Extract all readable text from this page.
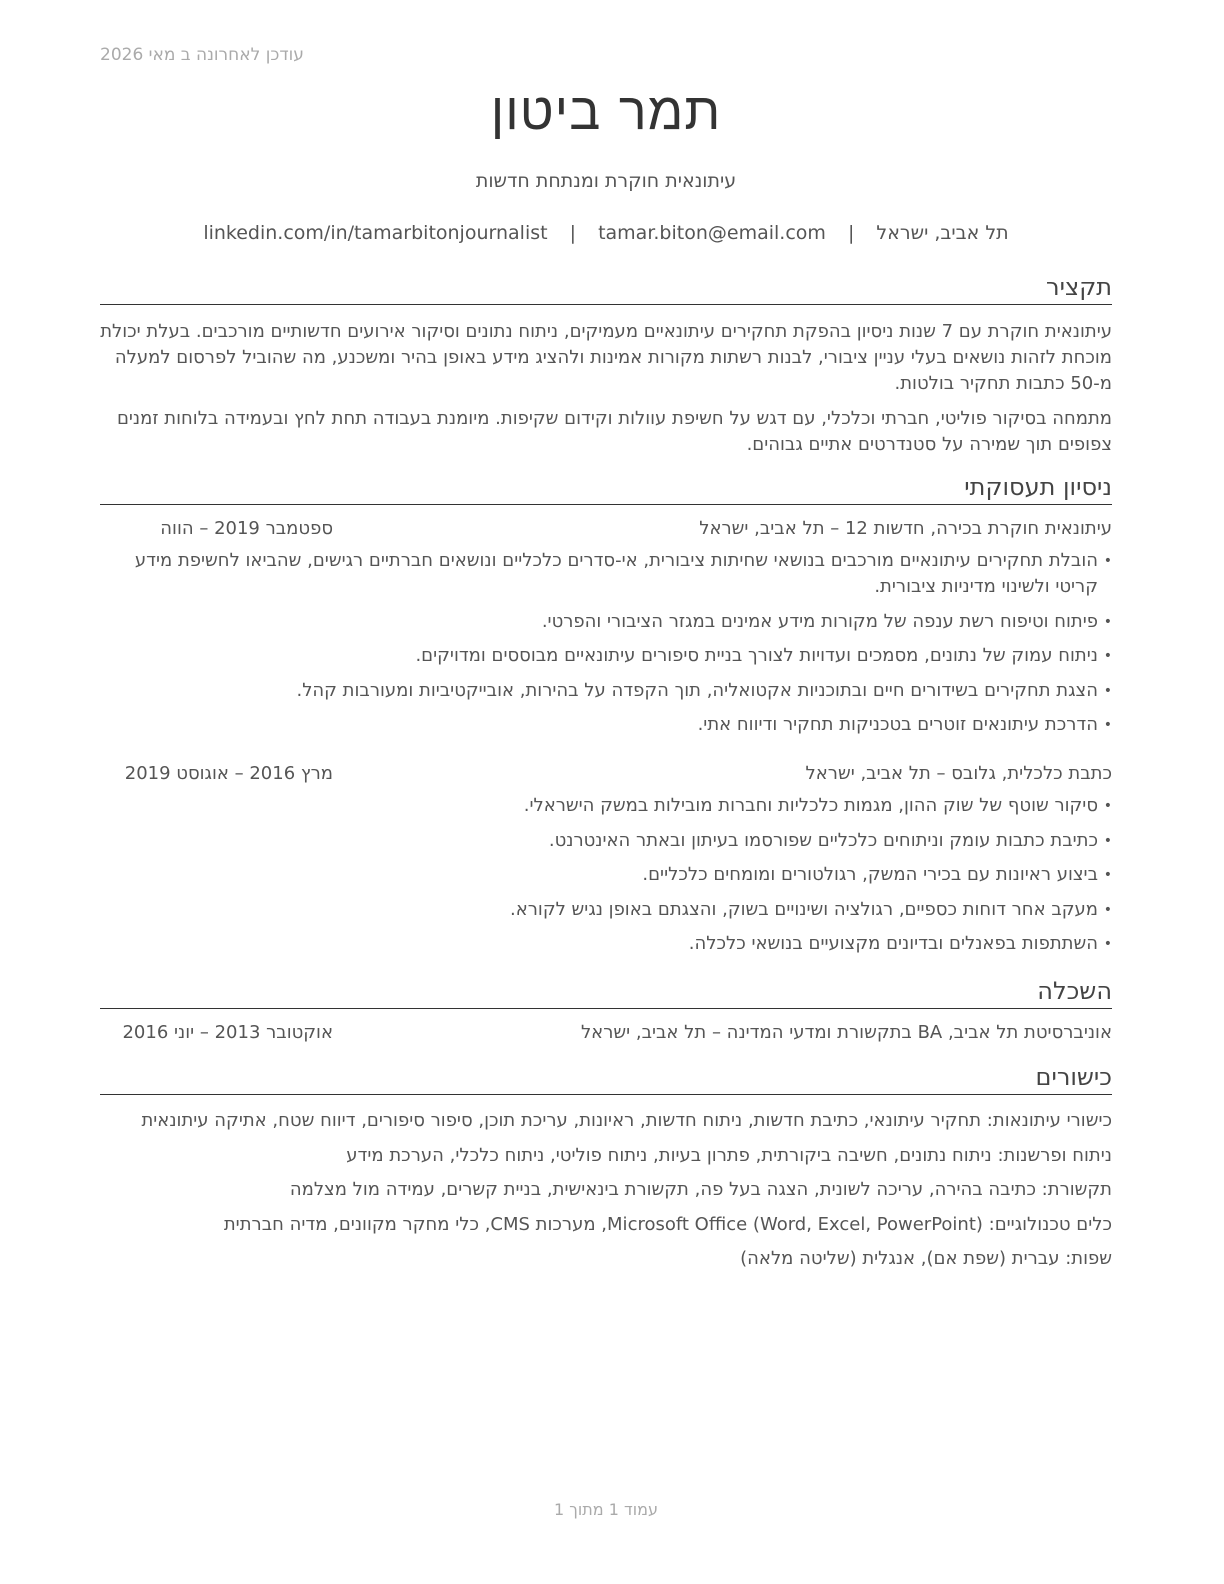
עודכן לאחרונה ב מאי 2026
תמר ביטון
עיתונאית חוקרת ומנתחת חדשות
תל אביב, ישראל | tamar.biton@email.com | linkedin.com/in/tamarbitonjournalist
תקציר
עיתונאית חוקרת עם 7 שנות ניסיון בהפקת תחקירים עיתונאיים מעמיקים, ניתוח נתונים וסיקור אירועים חדשותיים מורכבים. בעלת יכולת מוכחת לזהות נושאים בעלי עניין ציבורי, לבנות רשתות מקורות אמינות ולהציג מידע באופן בהיר ומשכנע, מה שהוביל לפרסום למעלה מ-50 כתבות תחקיר בולטות.
מתמחה בסיקור פוליטי, חברתי וכלכלי, עם דגש על חשיפת עוולות וקידום שקיפות. מיומנת בעבודה תחת לחץ ובעמידה בלוחות זמנים צפופים תוך שמירה על סטנדרטים אתיים גבוהים.
ניסיון תעסוקתי
עיתונאית חוקרת בכירה, חדשות 12 – תל אביב, ישראל
ספטמבר 2019 – הווה
• הובלת תחקירים עיתונאיים מורכבים בנושאי שחיתות ציבורית, אי-סדרים כלכליים ונושאים חברתיים רגישים, שהביאו לחשיפת מידע קריטי ולשינוי מדיניות ציבורית.
• פיתוח וטיפוח רשת ענפה של מקורות מידע אמינים במגזר הציבורי והפרטי.
• ניתוח עמוק של נתונים, מסמכים ועדויות לצורך בניית סיפורים עיתונאיים מבוססים ומדויקים.
• הצגת תחקירים בשידורים חיים ובתוכניות אקטואליה, תוך הקפדה על בהירות, אובייקטיביות ומעורבות קהל.
• הדרכת עיתונאים זוטרים בטכניקות תחקיר ודיווח אתי.
כתבת כלכלית, גלובס – תל אביב, ישראל
מרץ 2016 – אוגוסט 2019
• סיקור שוטף של שוק ההון, מגמות כלכליות וחברות מובילות במשק הישראלי.
• כתיבת כתבות עומק וניתוחים כלכליים שפורסמו בעיתון ובאתר האינטרנט.
• ביצוע ראיונות עם בכירי המשק, רגולטורים ומומחים כלכליים.
• מעקב אחר דוחות כספיים, רגולציה ושינויים בשוק, והצגתם באופן נגיש לקורא.
• השתתפות בפאנלים ובדיונים מקצועיים בנושאי כלכלה.
השכלה
אוניברסיטת תל אביב, BA בתקשורת ומדעי המדינה – תל אביב, ישראל
אוקטובר 2013 – יוני 2016
כישורים
כישורי עיתונאות: תחקיר עיתונאי, כתיבת חדשות, ניתוח חדשות, ראיונות, עריכת תוכן, סיפור סיפורים, דיווח שטח, אתיקה עיתונאית
ניתוח ופרשנות: ניתוח נתונים, חשיבה ביקורתית, פתרון בעיות, ניתוח פוליטי, ניתוח כלכלי, הערכת מידע
תקשורת: כתיבה בהירה, עריכה לשונית, הצגה בעל פה, תקשורת בינאישית, בניית קשרים, עמידה מול מצלמה
כלים טכנולוגיים: Microsoft Office (Word, Excel, PowerPoint), מערכות CMS, כלי מחקר מקוונים, מדיה חברתית
שפות: עברית (שפת אם), אנגלית (שליטה מלאה)
עמוד 1 מתוך 1
